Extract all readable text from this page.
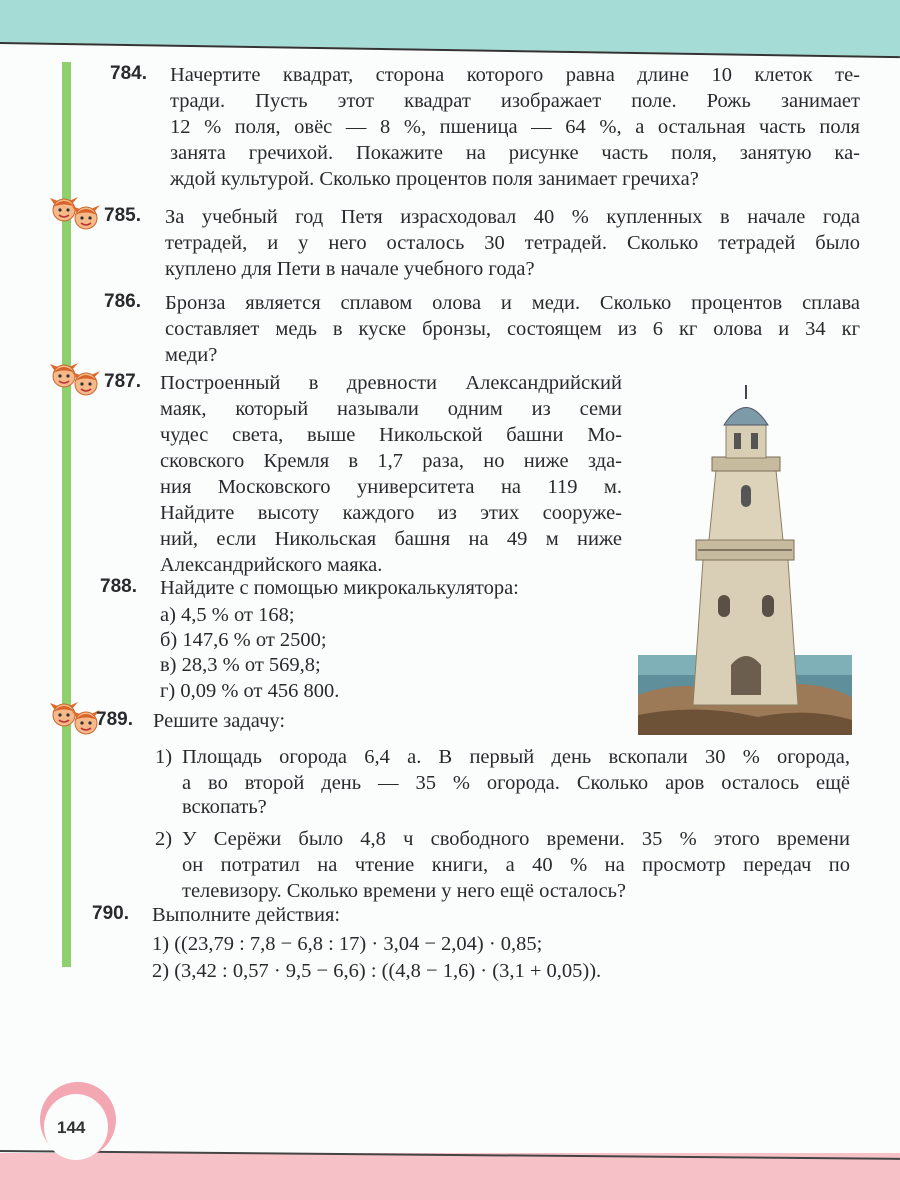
784. Начертите квадрат, сторона которого равна длине 10 клеток те-
тради. Пусть этот квадрат изображает поле. Рожь занимает
12 % поля, овёс — 8 %, пшеница — 64 %, а остальная часть поля
занята гречихой. Покажите на рисунке часть поля, занятую ка-
ждой культурой. Сколько процентов поля занимает гречиха?
785. За учебный год Петя израсходовал 40 % купленных в начале года
тетрадей, и у него осталось 30 тетрадей. Сколько тетрадей было
куплено для Пети в начале учебного года?
786. Бронза является сплавом олова и меди. Сколько процентов сплава
составляет медь в куске бронзы, состоящем из 6 кг олова и 34 кг
меди?
787. Построенный в древности Александрийский
маяк, который называли одним из семи
чудес света, выше Никольской башни Мо-
сковского Кремля в 1,7 раза, но ниже зда-
ния Московского университета на 119 м.
Найдите высоту каждого из этих сооруже-
ний, если Никольская башня на 49 м ниже
Александрийского маяка.
788. Найдите с помощью микрокалькулятора:
а) 4,5 % от 168;
б) 147,6 % от 2500;
в) 28,3 % от 569,8;
г) 0,09 % от 456 800.
789. Решите задачу:
1) Площадь огорода 6,4 а. В первый день вскопали 30 % огорода,
а во второй день — 35 % огорода. Сколько аров осталось ещё
вскопать?
2) У Серёжи было 4,8 ч свободного времени. 35 % этого времени
он потратил на чтение книги, а 40 % на просмотр передач по
телевизору. Сколько времени у него ещё осталось?
790. Выполните действия:
1) ((23,79 : 7,8 − 6,8 : 17) · 3,04 − 2,04) · 0,85;
2) (3,42 : 0,57 · 9,5 − 6,6) : ((4,8 − 1,6) · (3,1 + 0,05)).
144
